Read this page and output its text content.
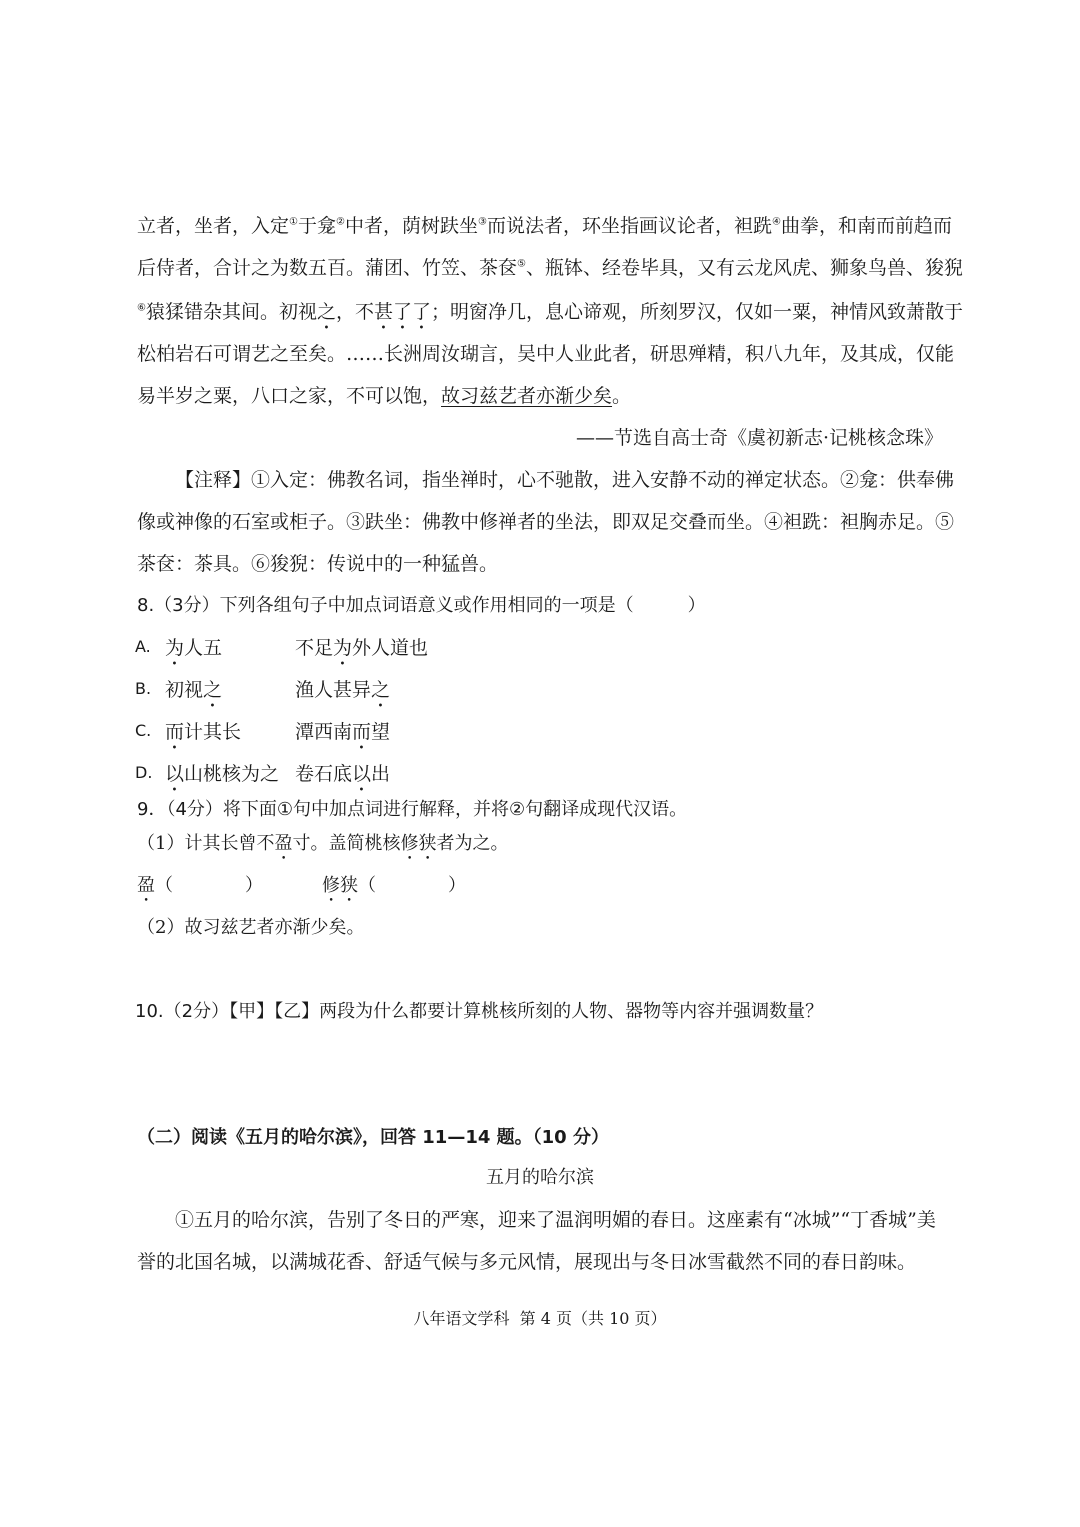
立者，坐者，入定①于龛②中者，荫树趺坐③而说法者，环坐指画议论者，袒跣④曲拳，和南而前趋而

后侍者，合计之为数五百。蒲团、竹笠、茶奁⑤、瓶钵、经卷毕具，又有云龙风虎、狮象鸟兽、狻猊

⑥猿猱错杂其间。初视之，不甚了了；明窗净几，息心谛观，所刻罗汉，仅如一粟，神情风致萧散于

松柏岩石可谓艺之至矣。……长洲周汝瑚言，吴中人业此者，研思殚精，积八九年，及其成，仅能

易半岁之粟，八口之家，不可以饱，故习兹艺者亦渐少矣。

——节选自高士奇《虞初新志·记桃核念珠》

【注释】①入定：佛教名词，指坐禅时，心不驰散，进入安静不动的禅定状态。②龛：供奉佛

像或神像的石室或柜子。③趺坐：佛教中修禅者的坐法，即双足交叠而坐。④袒跣：袒胸赤足。⑤

茶奁：茶具。⑥狻猊：传说中的一种猛兽。

8.（3分）下列各组句子中加点词语意义或作用相同的一项是（　　　）

A. 为人五	不足为外人道也
B. 初视之	渔人甚异之
C. 而计其长	潭西南而望
D. 以山桃核为之 卷石底以出

9．（4分）将下面①句中加点词进行解释，并将②句翻译成现代汉语。

（1）计其长曾不盈寸。盖简桃核修狭者为之。

盈（　　　　）	修狭（　　　　）

（2）故习兹艺者亦渐少矣。

10.（2分）【甲】【乙】两段为什么都要计算桃核所刻的人物、器物等内容并强调数量？

（二）阅读《五月的哈尔滨》，回答 11—14 题。（10 分）

五月的哈尔滨

①五月的哈尔滨，告别了冬日的严寒，迎来了温润明媚的春日。这座素有“冰城”“丁香城”美

誉的北国名城，以满城花香、舒适气候与多元风情，展现出与冬日冰雪截然不同的春日韵味。

八年语文学科  第 4 页（共 10 页）
